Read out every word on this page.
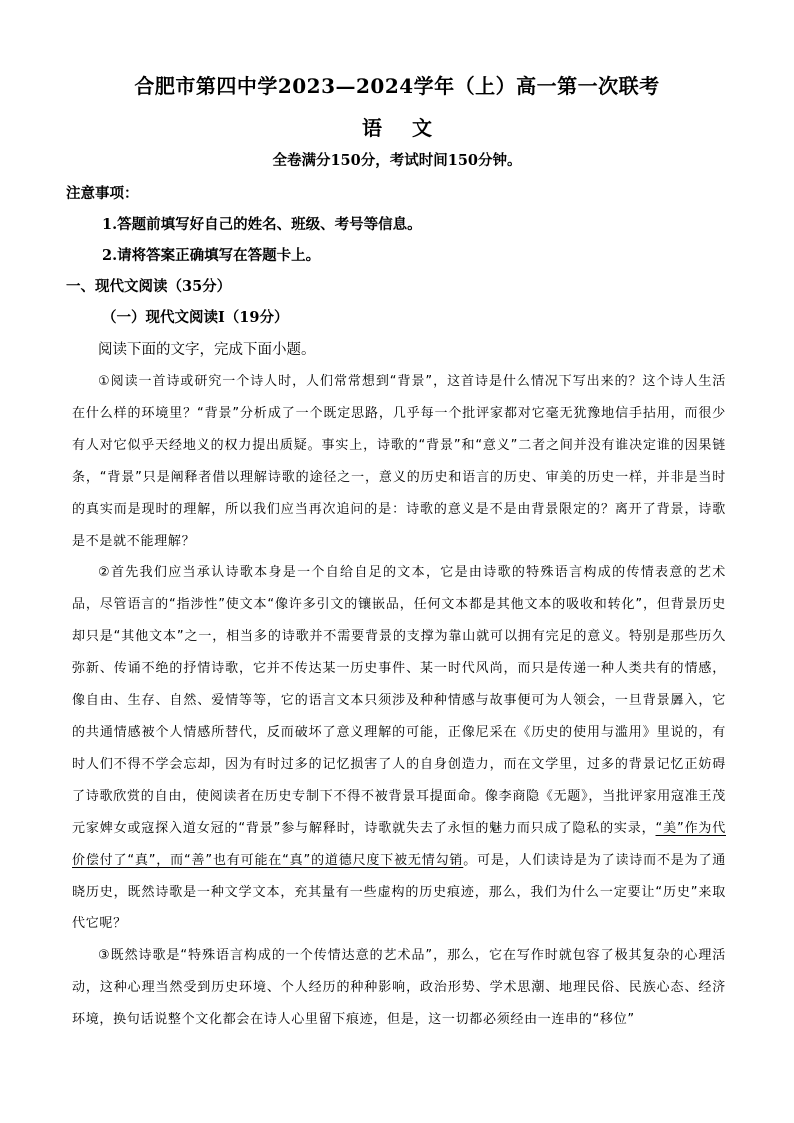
合肥市第四中学2023—2024学年（上）高一第一次联考
语文
全卷满分150分，考试时间150分钟。
注意事项：
1.答题前填写好自己的姓名、班级、考号等信息。
2.请将答案正确填写在答题卡上。
一、现代文阅读（35分）
（一）现代文阅读Ⅰ（19分）
阅读下面的文字，完成下面小题。

①阅读一首诗或研究一个诗人时，人们常常想到“背景”，这首诗是什么情况下写出来的？这个诗人生活在什么样的环境里？“背景”分析成了一个既定思路，几乎每一个批评家都对它毫无犹豫地信手拈用，而很少有人对它似乎天经地义的权力提出质疑。事实上，诗歌的“背景”和“意义”二者之间并没有谁决定谁的因果链条，“背景”只是阐释者借以理解诗歌的途径之一，意义的历史和语言的历史、审美的历史一样，并非是当时的真实而是现时的理解，所以我们应当再次追问的是：诗歌的意义是不是由背景限定的？离开了背景，诗歌是不是就不能理解？

②首先我们应当承认诗歌本身是一个自给自足的文本，它是由诗歌的特殊语言构成的传情表意的艺术品，尽管语言的“指涉性”使文本“像许多引文的镶嵌品，任何文本都是其他文本的吸收和转化”，但背景历史却只是“其他文本”之一，相当多的诗歌并不需要背景的支撑为靠山就可以拥有完足的意义。特别是那些历久弥新、传诵不绝的抒情诗歌，它并不传达某一历史事件、某一时代风尚，而只是传递一种人类共有的情感，像自由、生存、自然、爱情等等，它的语言文本只须涉及种种情感与故事便可为人领会，一旦背景羼入，它的共通情感被个人情感所替代，反而破坏了意义理解的可能，正像尼采在《历史的使用与滥用》里说的，有时人们不得不学会忘却，因为有时过多的记忆损害了人的自身创造力，而在文学里，过多的背景记忆正妨碍了诗歌欣赏的自由，使阅读者在历史专制下不得不被背景耳提面命。像李商隐《无题》，当批评家用寇准王茂元家婢女或寇探入道女冠的“背景”参与解释时，诗歌就失去了永恒的魅力而只成了隐私的实录，“美”作为代价偿付了“真”，而“善”也有可能在“真”的道德尺度下被无情勾销。可是，人们读诗是为了读诗而不是为了通晓历史，既然诗歌是一种文学文本，充其量有一些虚构的历史痕迹，那么，我们为什么一定要让“历史”来取代它呢？

③既然诗歌是“特殊语言构成的一个传情达意的艺术品”，那么，它在写作时就包容了极其复杂的心理活动，这种心理当然受到历史环境、个人经历的种种影响，政治形势、学术思潮、地理民俗、民族心态、经济环境，换句话说整个文化都会在诗人心里留下痕迹，但是，这一切都必须经由一连串的“移位”
